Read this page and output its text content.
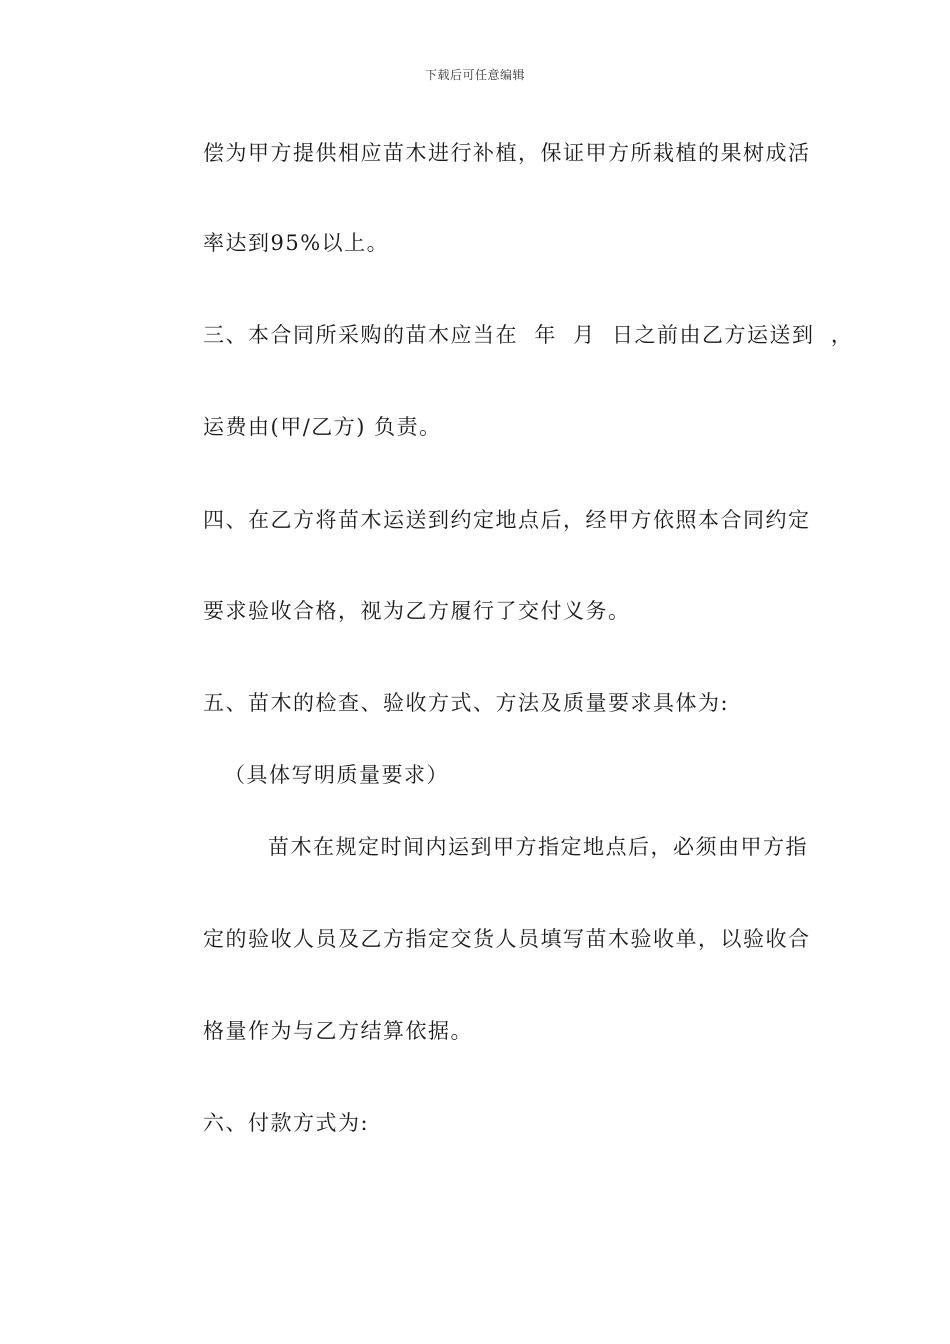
下载后可任意编辑
偿为甲方提供相应苗木进行补植，保证甲方所栽植的果树成活
率达到95%以上。
三、本合同所采购的苗木应当在  年  月  日之前由乙方运送到  ，
运费由(甲/乙方) 负责。
四、在乙方将苗木运送到约定地点后，经甲方依照本合同约定
要求验收合格，视为乙方履行了交付义务。
五、苗木的检查、验收方式、方法及质量要求具体为:
（具体写明质量要求）
苗木在规定时间内运到甲方指定地点后，必须由甲方指
定的验收人员及乙方指定交货人员填写苗木验收单，以验收合
格量作为与乙方结算依据。
六、付款方式为:
